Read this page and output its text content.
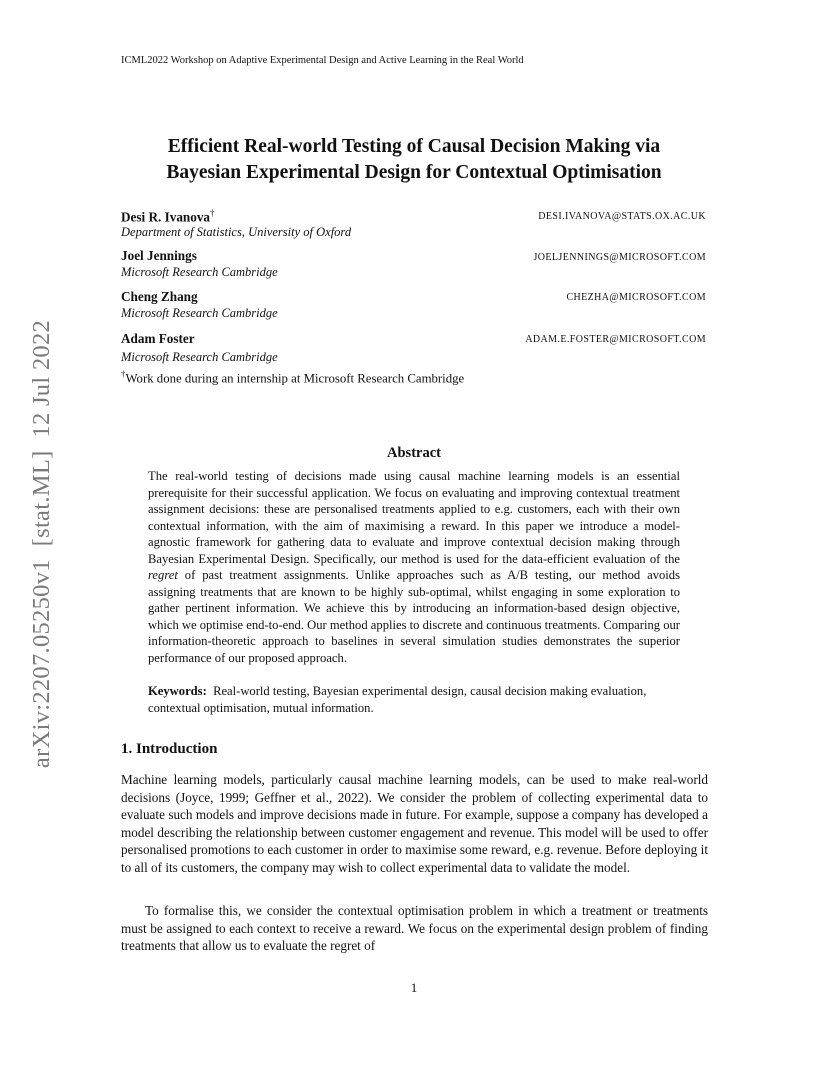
ICML2022 Workshop on Adaptive Experimental Design and Active Learning in the Real World
Efficient Real-world Testing of Causal Decision Making via
Bayesian Experimental Design for Contextual Optimisation
Desi R. Ivanova†	DESI.IVANOVA@STATS.OX.AC.UK
Department of Statistics, University of Oxford
Joel Jennings	JOELJENNINGS@MICROSOFT.COM
Microsoft Research Cambridge
Cheng Zhang	CHEZHA@MICROSOFT.COM
Microsoft Research Cambridge
Adam Foster	ADAM.E.FOSTER@MICROSOFT.COM
Microsoft Research Cambridge
†Work done during an internship at Microsoft Research Cambridge
Abstract
The real-world testing of decisions made using causal machine learning models is an essential prerequisite for their successful application. We focus on evaluating and improving contextual treatment assignment decisions: these are personalised treatments applied to e.g. customers, each with their own contextual information, with the aim of maximising a reward. In this paper we introduce a model-agnostic framework for gathering data to evaluate and improve contextual decision making through Bayesian Experimental Design. Specifically, our method is used for the data-efficient evaluation of the regret of past treatment assignments. Unlike approaches such as A/B testing, our method avoids assigning treatments that are known to be highly sub-optimal, whilst engaging in some exploration to gather pertinent information. We achieve this by introducing an information-based design objective, which we optimise end-to-end. Our method applies to discrete and continuous treatments. Comparing our information-theoretic approach to baselines in several simulation studies demonstrates the superior performance of our proposed approach.
Keywords: Real-world testing, Bayesian experimental design, causal decision making evaluation, contextual optimisation, mutual information.
1. Introduction
Machine learning models, particularly causal machine learning models, can be used to make real-world decisions (Joyce, 1999; Geffner et al., 2022). We consider the problem of collecting experimental data to evaluate such models and improve decisions made in future. For example, suppose a company has developed a model describing the relationship between customer engagement and revenue. This model will be used to offer personalised promotions to each customer in order to maximise some reward, e.g. revenue. Before deploying it to all of its customers, the company may wish to collect experimental data to validate the model.
To formalise this, we consider the contextual optimisation problem in which a treatment or treatments must be assigned to each context to receive a reward. We focus on the experimental design problem of finding treatments that allow us to evaluate the regret of
1
arXiv:2207.05250v1  [stat.ML]  12 Jul 2022
